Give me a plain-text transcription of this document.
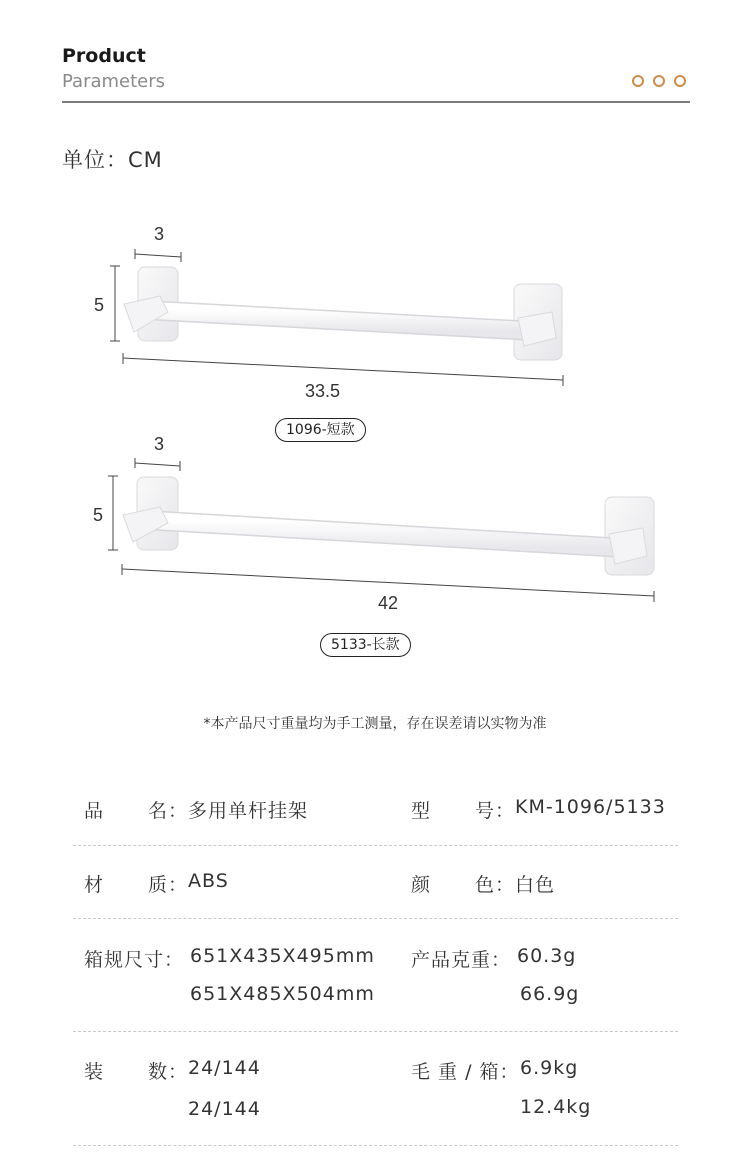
Product
Parameters
单位：CM
3
5
33.5
3
5
42
1096-短款
5133-长款
*本产品尺寸重量均为手工测量，存在误差请以实物为准
品 名： 多用单杆挂架	型 号： KM-1096/5133
材 质： ABS	颜 色： 白色
箱规尺寸： 651X435X495mm
651X485X504mm
产品克重： 60.3g
66.9g
装 数： 24/144
24/144
毛 重 / 箱： 6.9kg
12.4kg
